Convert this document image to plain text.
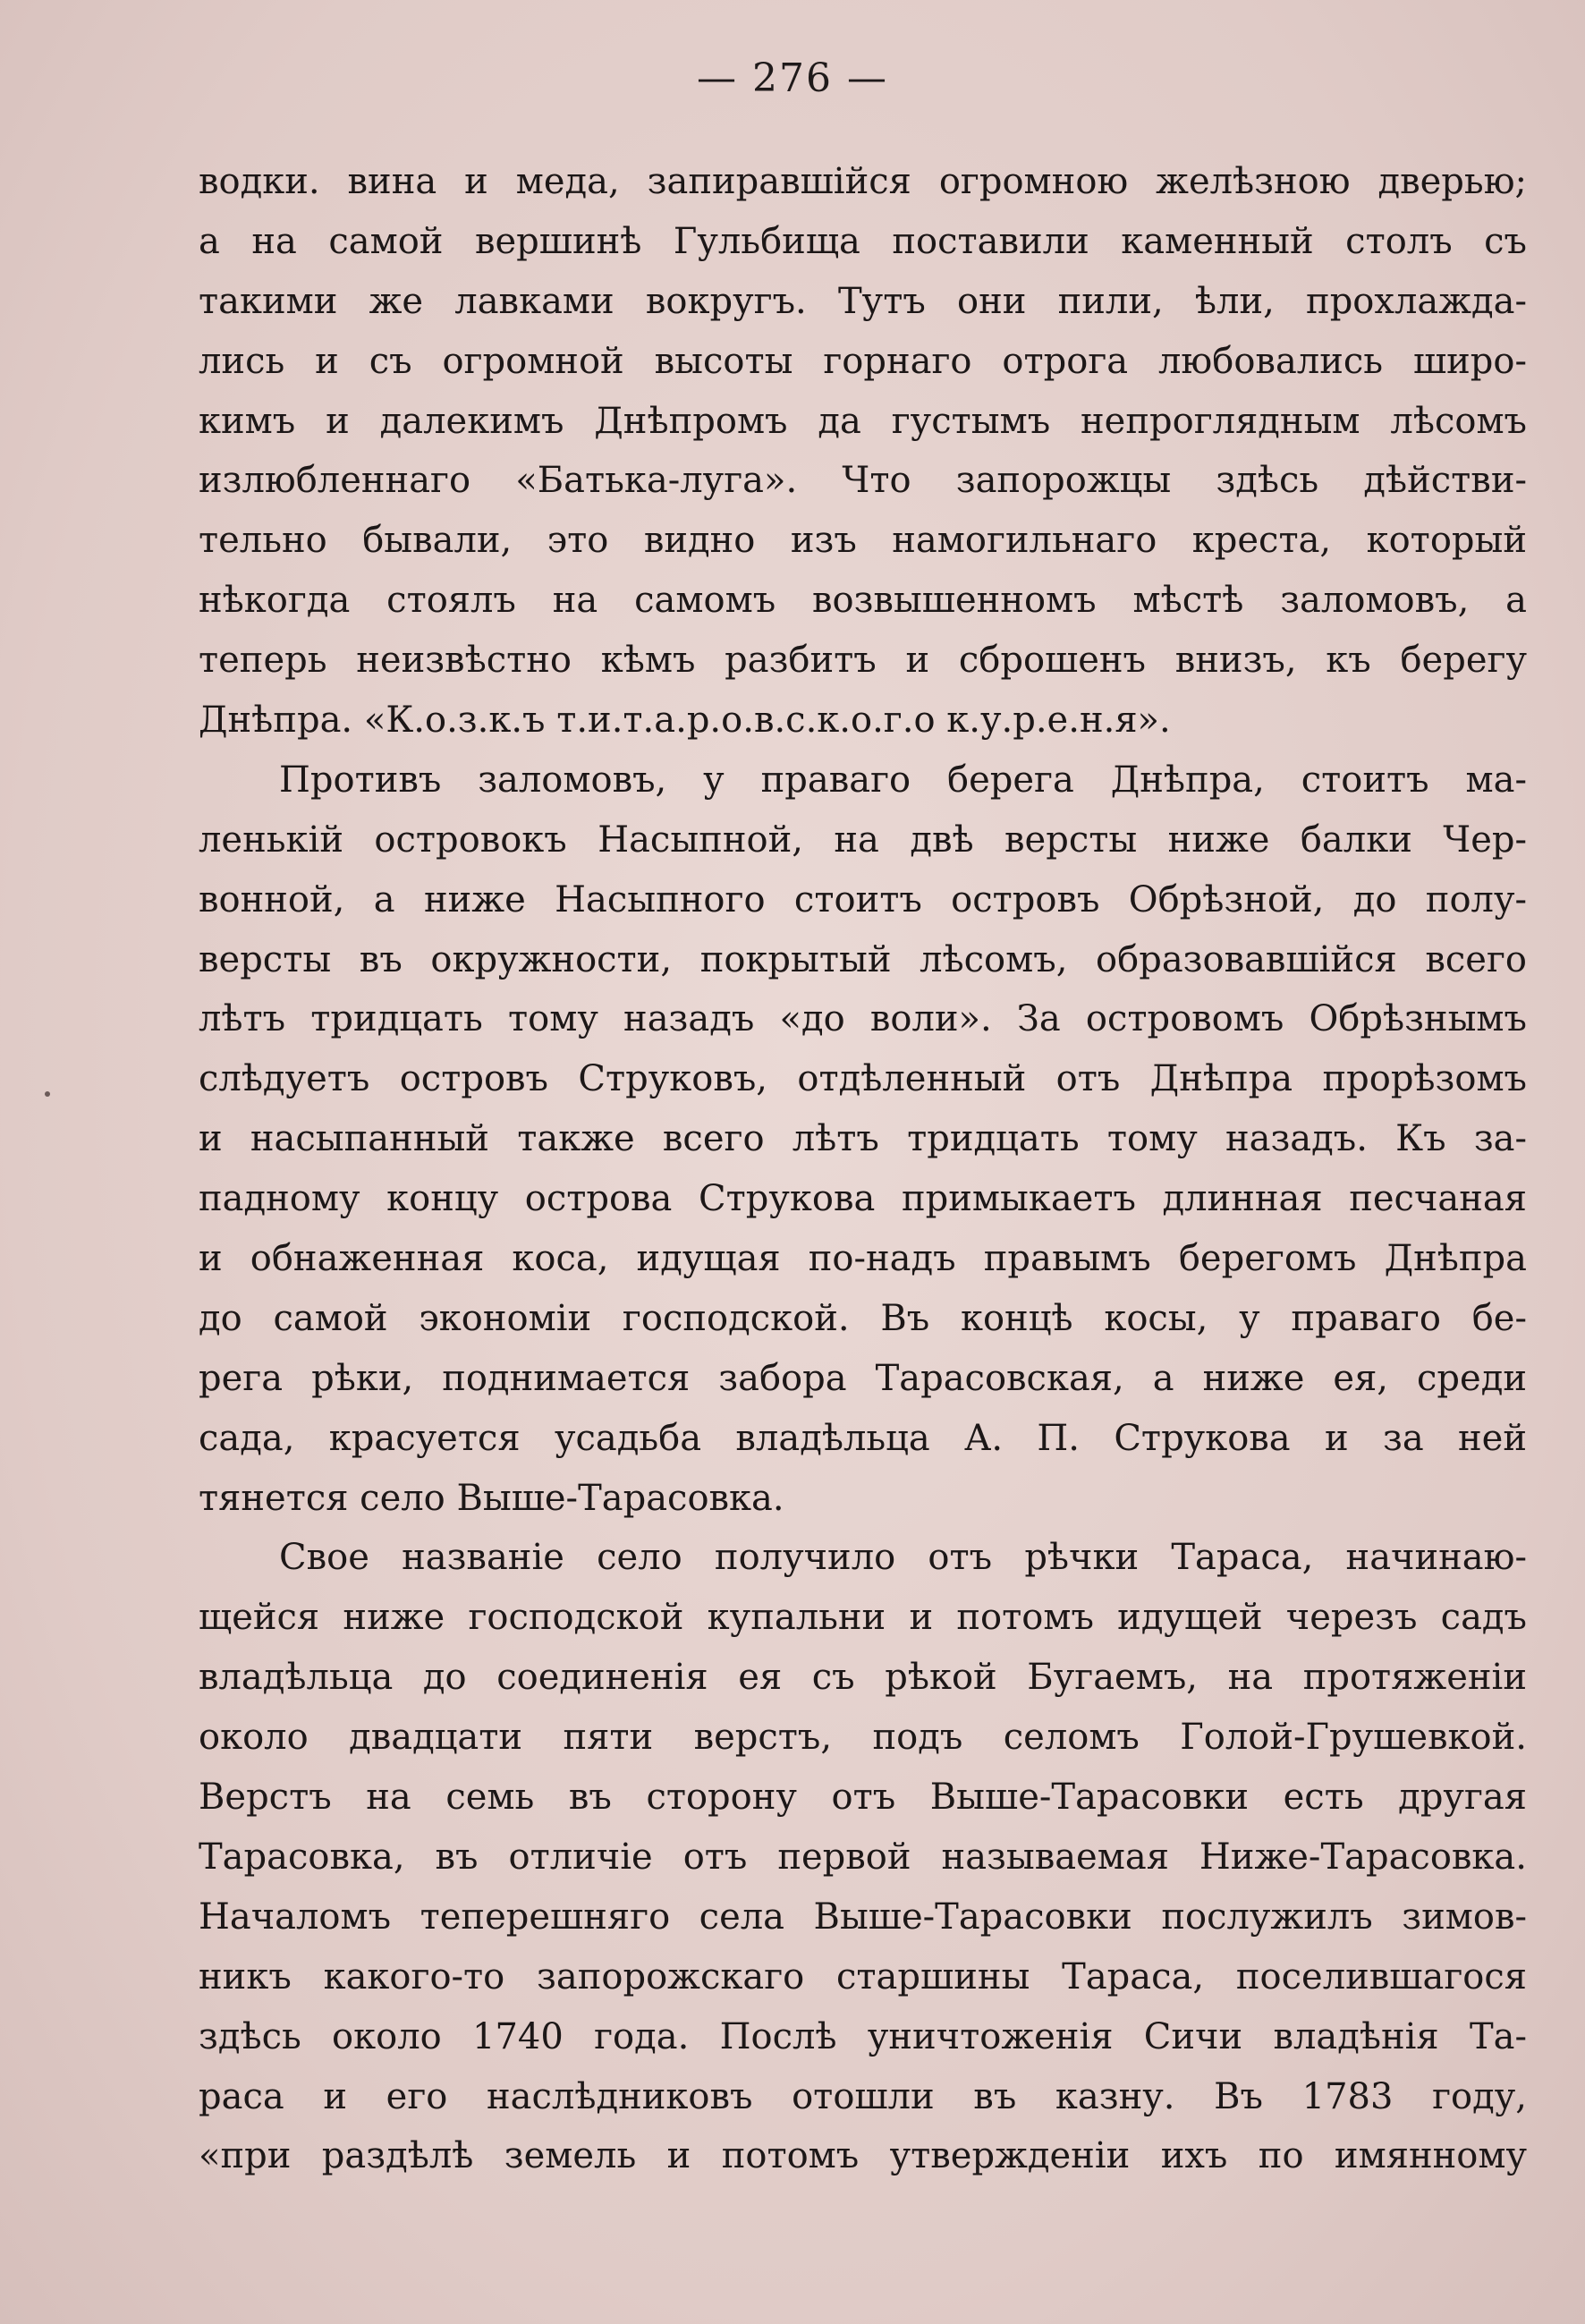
— 276 —
водки. вина и меда, запиравшійся огромною желѣзною дверью;
а на самой вершинѣ Гульбища поставили каменный столъ съ
такими же лавками вокругъ. Тутъ они пили, ѣли, прохлажда-
лись и съ огромной высоты горнаго отрога любовались широ-
кимъ и далекимъ Днѣпромъ да густымъ непроглядным лѣсомъ
излюбленнаго «Батька-луга». Что запорожцы здѣсь дѣйстви-
тельно бывали, это видно изъ намогильнаго креста, который
нѣкогда стоялъ на самомъ возвышенномъ мѣстѣ заломовъ, а
теперь неизвѣстно кѣмъ разбитъ и сброшенъ внизъ, къ берегу
Днѣпра. «К.о.з.к.ъ т.и.т.а.р.о.в.с.к.о.г.о к.у.р.е.н.я».
Противъ заломовъ, у праваго берега Днѣпра, стоитъ ма-
ленькій островокъ Насыпной, на двѣ версты ниже балки Чер-
вонной, а ниже Насыпного стоитъ островъ Обрѣзной, до полу-
версты въ окружности, покрытый лѣсомъ, образовавшійся всего
лѣтъ тридцать тому назадъ «до воли». За островомъ Обрѣзнымъ
слѣдуетъ островъ Струковъ, отдѣленный отъ Днѣпра прорѣзомъ
и насыпанный также всего лѣтъ тридцать тому назадъ. Къ за-
падному концу острова Струкова примыкаетъ длинная песчаная
и обнаженная коса, идущая по-надъ правымъ берегомъ Днѣпра
до самой экономіи господской. Въ концѣ косы, у праваго бе-
рега рѣки, поднимается забора Тарасовская, а ниже ея, среди
сада, красуется усадьба владѣльца А. П. Струкова и за ней
тянется село Выше-Тарасовка.
Свое названіе село получило отъ рѣчки Тараса, начинаю-
щейся ниже господской купальни и потомъ идущей черезъ садъ
владѣльца до соединенія ея съ рѣкой Бугаемъ, на протяженіи
около двадцати пяти верстъ, подъ селомъ Голой-Грушевкой.
Верстъ на семь въ сторону отъ Выше-Тарасовки есть другая
Тарасовка, въ отличіе отъ первой называемая Ниже-Тарасовка.
Началомъ теперешняго села Выше-Тарасовки послужилъ зимов-
никъ какого-то запорожскаго старшины Тараса, поселившагося
здѣсь около 1740 года. Послѣ уничтоженія Сичи владѣнія Та-
раса и его наслѣдниковъ отошли въ казну. Въ 1783 году,
«при раздѣлѣ земель и потомъ утвержденіи ихъ по имянному
